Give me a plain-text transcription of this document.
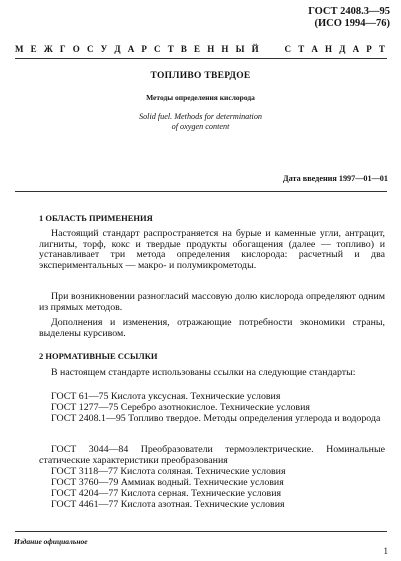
ГОСТ 2408.3—95
(ИСО 1994—76)
М Е Ж Г О С У Д А Р С Т В Е Н Н Ы Й

	С Т А Н Д А Р Т
ТОПЛИВО ТВЕРДОЕ
Методы определения кислорода
Solid fuel. Methods for determination
of oxygen content
Дата введения 1997—01—01
1 ОБЛАСТЬ ПРИМЕНЕНИЯ
Настоящий стандарт распространяется на бурые и каменные угли, антрацит, лигниты, торф, кокс и твердые продукты обогащения (далее — топливо) и устанавливает три метода определения кислорода: расчетный и два экспериментальных — макро- и полумикрометоды.
При возникновении разногласий массовую долю кислорода определяют одним из прямых методов.
Дополнения и изменения, отражающие потребности экономики страны, выделены курсивом.
2 НОРМАТИВНЫЕ ССЫЛКИ
В настоящем стандарте использованы ссылки на следующие стандарты:
ГОСТ 61—75 Кислота уксусная. Технические условия
ГОСТ 1277—75 Серебро азотнокислое. Технические условия
ГОСТ 2408.1—95 Топливо твердое. Методы определения углерода и водорода
ГОСТ 3044—84 Преобразователи термоэлектрические. Номинальные статические характеристики преобразования
ГОСТ 3118—77 Кислота соляная. Технические условия
ГОСТ 3760—79 Аммиак водный. Технические условия
ГОСТ 4204—77 Кислота серная. Технические условия
ГОСТ 4461—77 Кислота азотная. Технические условия
Издание официальное
1
